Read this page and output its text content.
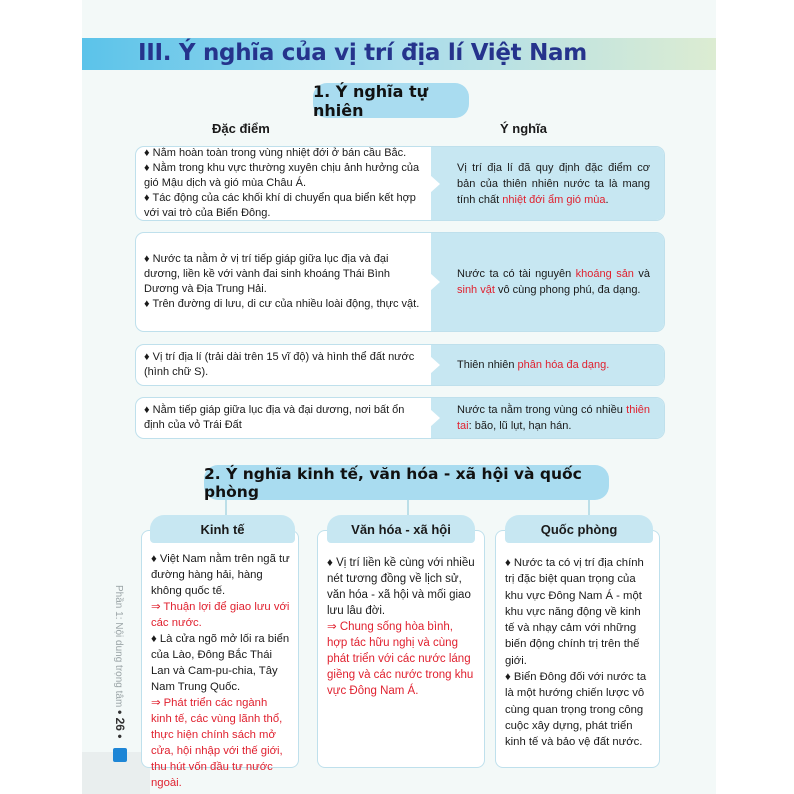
III. Ý nghĩa của vị trí địa lí Việt Nam
1. Ý nghĩa tự nhiên
Đặc điểm	Ý nghĩa
♦ Nằm hoàn toàn trong vùng nhiệt đới ở bán cầu Bắc.
♦ Nằm trong khu vực thường xuyên chịu ảnh hưởng của gió Mậu dịch và gió mùa Châu Á.
♦ Tác động của các khối khí di chuyển qua biển kết hợp với vai trò của Biển Đông.
Vị trí địa lí đã quy định đặc điểm cơ bản của thiên nhiên nước ta là mang tính chất nhiệt đới ẩm gió mùa.
♦ Nước ta nằm ở vị trí tiếp giáp giữa lục địa và đại dương, liền kề với vành đai sinh khoáng Thái Bình Dương và Địa Trung Hải.
♦ Trên đường di lưu, di cư của nhiều loài động, thực vật.
Nước ta có tài nguyên khoáng sản và sinh vật vô cùng phong phú, đa dạng.
♦ Vị trí địa lí (trải dài trên 15 vĩ độ) và hình thể đất nước (hình chữ S).
Thiên nhiên phân hóa đa dạng.
♦ Nằm tiếp giáp giữa lục địa và đại dương, nơi bất ổn định của vỏ Trái Đất
Nước ta nằm trong vùng có nhiều thiên tai: bão, lũ lụt, hạn hán.
2. Ý nghĩa kinh tế, văn hóa - xã hội và quốc phòng
♦ Việt Nam nằm trên ngã tư đường hàng hải, hàng không quốc tế.
⇒ Thuận lợi để giao lưu với các nước.
♦ Là cửa ngõ mở lối ra biển của Lào, Đông Bắc Thái Lan và Cam-pu-chia, Tây Nam Trung Quốc.
⇒ Phát triển các ngành kinh tế, các vùng lãnh thổ, thực hiện chính sách mở cửa, hội nhập với thế giới, thu hút vốn đầu tư nước ngoài.
Kinh tế
♦ Vị trí liền kề cùng với nhiều nét tương đồng về lịch sử, văn hóa - xã hội và mối giao lưu lâu đời.
⇒ Chung sống hòa bình, hợp tác hữu nghị và cùng phát triển với các nước láng giềng và các nước trong khu vực Đông Nam Á.
Văn hóa - xã hội
♦ Nước ta có vị trí địa chính trị đặc biệt quan trọng của khu vực Đông Nam Á - một khu vực năng động về kinh tế và nhạy cảm với những biến động chính trị trên thế giới.
♦ Biển Đông đối với nước ta là một hướng chiến lược vô cùng quan trọng trong công cuộc xây dựng, phát triển kinh tế và bảo vệ đất nước.
Quốc phòng
Phần 1: Nội dung trọng tâm • 26 •
